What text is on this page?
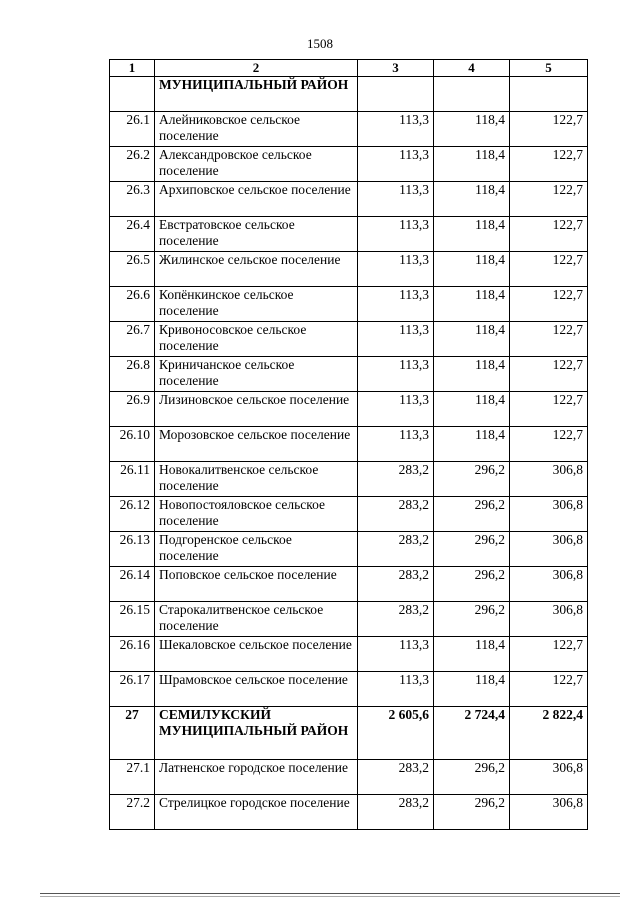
1508
1	2	3	4	5
	МУНИЦИПАЛЬНЫЙ РАЙОН			
26.1	Алейниковское сельское поселение	113,3	118,4	122,7
26.2	Александровское сельское поселение	113,3	118,4	122,7
26.3	Архиповское сельское поселение	113,3	118,4	122,7
26.4	Евстратовское сельское поселение	113,3	118,4	122,7
26.5	Жилинское сельское поселение	113,3	118,4	122,7
26.6	Копёнкинское сельское поселение	113,3	118,4	122,7
26.7	Кривоносовское сельское поселение	113,3	118,4	122,7
26.8	Криничанское сельское поселение	113,3	118,4	122,7
26.9	Лизиновское сельское поселение	113,3	118,4	122,7
26.10	Морозовское сельское поселение	113,3	118,4	122,7
26.11	Новокалитвенское сельское поселение	283,2	296,2	306,8
26.12	Новопостояловское сельское поселение	283,2	296,2	306,8
26.13	Подгоренское сельское поселение	283,2	296,2	306,8
26.14	Поповское сельское поселение	283,2	296,2	306,8
26.15	Старокалитвенское сельское поселение	283,2	296,2	306,8
26.16	Шекаловское сельское поселение	113,3	118,4	122,7
26.17	Шрамовское сельское поселение	113,3	118,4	122,7
27	СЕМИЛУКСКИЙ МУНИЦИПАЛЬНЫЙ РАЙОН	2 605,6	2 724,4	2 822,4
27.1	Латненское городское поселение	283,2	296,2	306,8
27.2	Стрелицкое городское поселение	283,2	296,2	306,8
